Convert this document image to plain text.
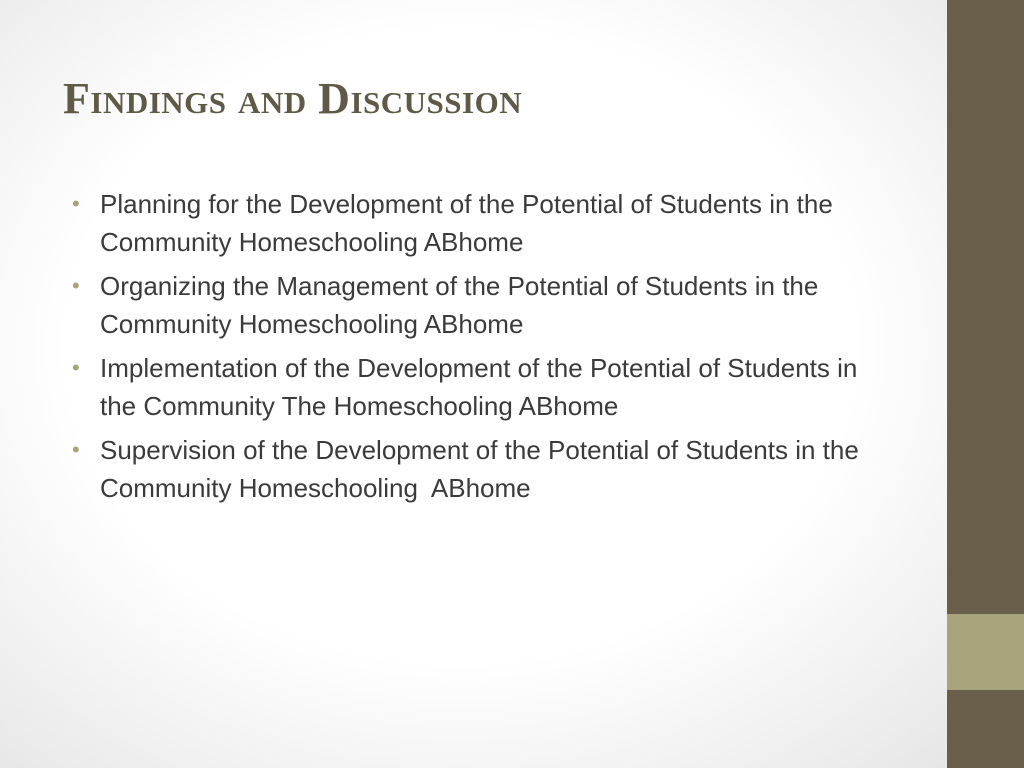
Findings and Discussion
• Planning for the Development of the Potential of Students in the Community Homeschooling ABhome
• Organizing the Management of the Potential of Students in the Community Homeschooling ABhome
• Implementation of the Development of the Potential of Students in the Community The Homeschooling ABhome
• Supervision of the Development of the Potential of Students in the Community Homeschooling  ABhome
